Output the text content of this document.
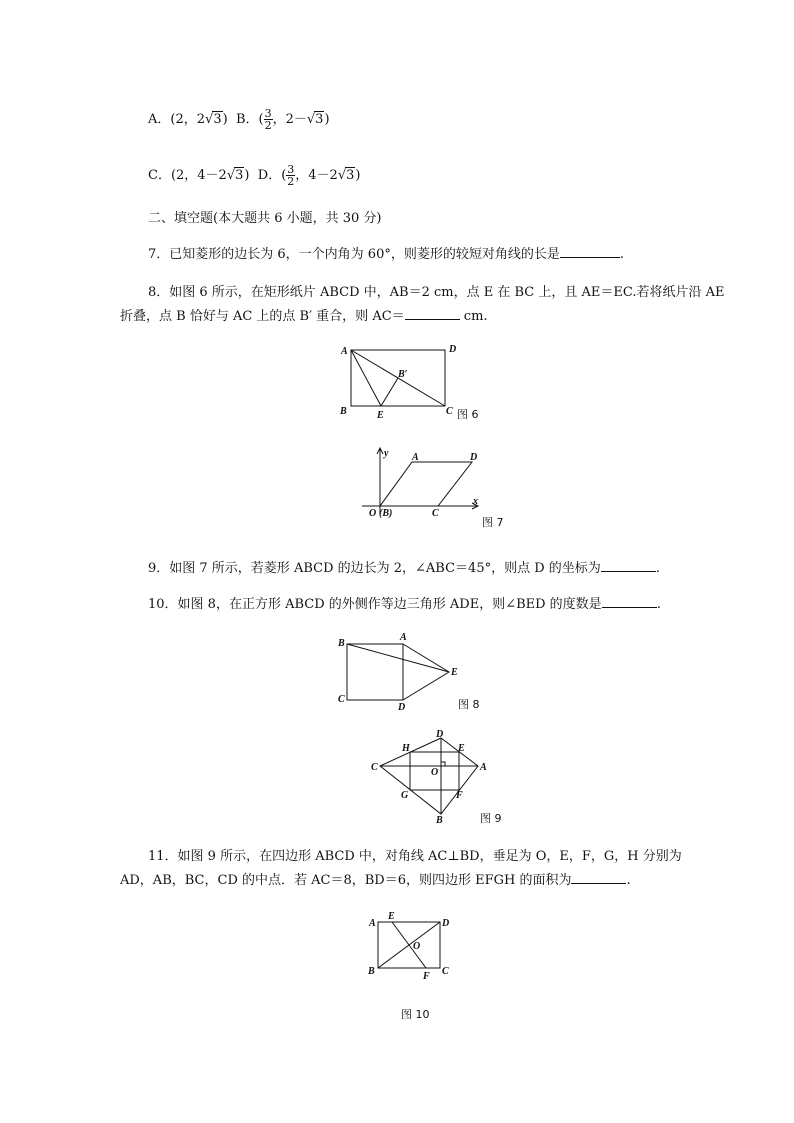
A．(2，2√3) B．( $\frac{3}{2}$ ，2－√3)
C．(2，4－2√3) D．( $\frac{3}{2}$ ，4－2√3)
二、填空题(本大题共 6 小题，共 30 分)
7．已知菱形的边长为 6，一个内角为 60°，则菱形的较短对角线的长是	.
8．如图 6 所示，在矩形纸片 ABCD 中，AB＝2 cm，点 E 在 BC 上，且 AE＝EC.若将纸片沿 AE
折叠，点 B 恰好与 AC 上的点 B′ 重合，则 AC＝	cm.
A	D
B′
B	E	C 图 6
y A	D
O (B)	C
x
图 7
9．如图 7 所示，若菱形 ABCD 的边长为 2，∠ABC＝45°，则点 D 的坐标为	.
10．如图 8，在正方形 ABCD 的外侧作等边三角形 ADE，则∠BED 的度数是	.
B
A
E
C
D	图 8
D
H	E
C	O	A
G	F
B	图 9
11．如图 9 所示，在四边形 ABCD 中，对角线 AC⊥BD，垂足为 O，E，F，G，H 分别为
AD，AB，BC，CD 的中点．若 AC＝8，BD＝6，则四边形 EFGH 的面积为	.
A
E
D
O
B	F C
图 10
